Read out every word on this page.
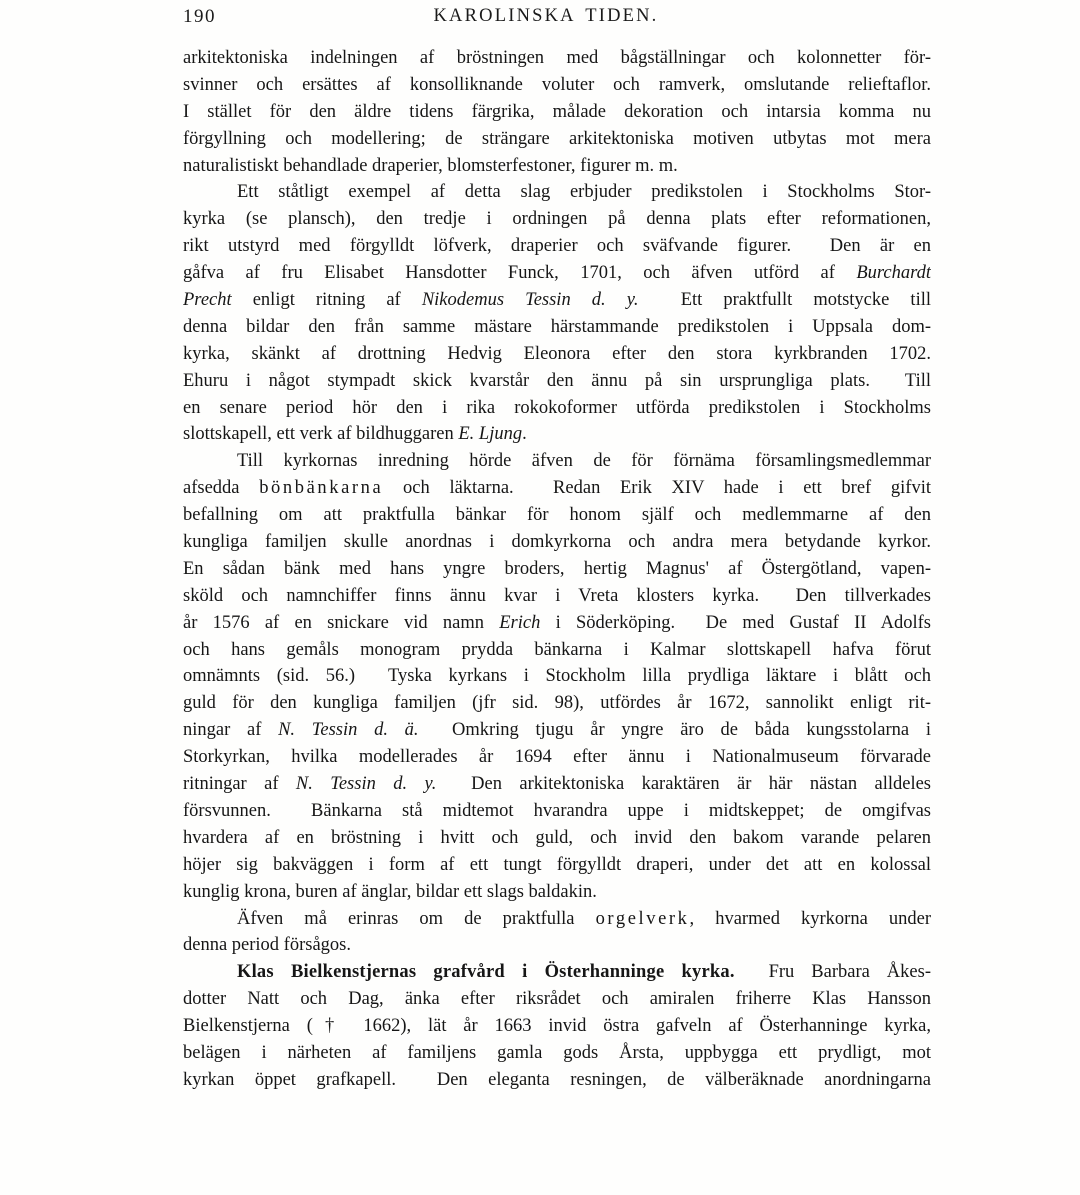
190	KAROLINSKA TIDEN.
arkitektoniska indelningen af bröstningen med bågställningar och kolonnetter för-
svinner och ersättes af konsolliknande voluter och ramverk, omslutande relieftaflor.
I stället för den äldre tidens färgrika, målade dekoration och intarsia komma nu
förgyllning och modellering; de strängare arkitektoniska motiven utbytas mot mera
naturalistiskt behandlade draperier, blomsterfestoner, figurer m. m.
Ett ståtligt exempel af detta slag erbjuder predikstolen i Stockholms Stor-
kyrka (se plansch), den tredje i ordningen på denna plats efter reformationen,
rikt utstyrd med förgylldt löfverk, draperier och sväfvande figurer.  Den är en
gåfva af fru Elisabet Hansdotter Funck, 1701, och äfven utförd af Burchardt
Precht enligt ritning af Nikodemus Tessin d. y.  Ett praktfullt motstycke till
denna bildar den från samme mästare härstammande predikstolen i Uppsala dom-
kyrka, skänkt af drottning Hedvig Eleonora efter den stora kyrkbranden 1702.
Ehuru i något stympadt skick kvarstår den ännu på sin ursprungliga plats.  Till
en senare period hör den i rika rokokoformer utförda predikstolen i Stockholms
slottskapell, ett verk af bildhuggaren E. Ljung.
Till kyrkornas inredning hörde äfven de för förnäma församlingsmedlemmar
afsedda bönbänkarna och läktarna.  Redan Erik XIV hade i ett bref gifvit
befallning om att praktfulla bänkar för honom själf och medlemmarne af den
kungliga familjen skulle anordnas i domkyrkorna och andra mera betydande kyrkor.
En sådan bänk med hans yngre broders, hertig Magnus' af Östergötland, vapen-
sköld och namnchiffer finns ännu kvar i Vreta klosters kyrka.  Den tillverkades
år 1576 af en snickare vid namn Erich i Söderköping.  De med Gustaf II Adolfs
och hans gemåls monogram prydda bänkarna i Kalmar slottskapell hafva förut
omnämnts (sid. 56.)  Tyska kyrkans i Stockholm lilla prydliga läktare i blått och
guld för den kungliga familjen (jfr sid. 98), utfördes år 1672, sannolikt enligt rit-
ningar af N. Tessin d. ä.  Omkring tjugu år yngre äro de båda kungsstolarna i
Storkyrkan, hvilka modellerades år 1694 efter ännu i Nationalmuseum förvarade
ritningar af N. Tessin d. y.  Den arkitektoniska karaktären är här nästan alldeles
försvunnen.  Bänkarna stå midtemot hvarandra uppe i midtskeppet; de omgifvas
hvardera af en bröstning i hvitt och guld, och invid den bakom varande pelaren
höjer sig bakväggen i form af ett tungt förgylldt draperi, under det att en kolossal
kunglig krona, buren af änglar, bildar ett slags baldakin.
Äfven må erinras om de praktfulla orgelverk, hvarmed kyrkorna under
denna period försågos.
Klas Bielkenstjernas grafvård i Österhanninge kyrka.  Fru Barbara Åkes-
dotter Natt och Dag, änka efter riksrådet och amiralen friherre Klas Hansson
Bielkenstjerna († 1662), lät år 1663 invid östra gafveln af Österhanninge kyrka,
belägen i närheten af familjens gamla gods Årsta, uppbygga ett prydligt, mot
kyrkan öppet grafkapell.  Den eleganta resningen, de välberäknade anordningarna
